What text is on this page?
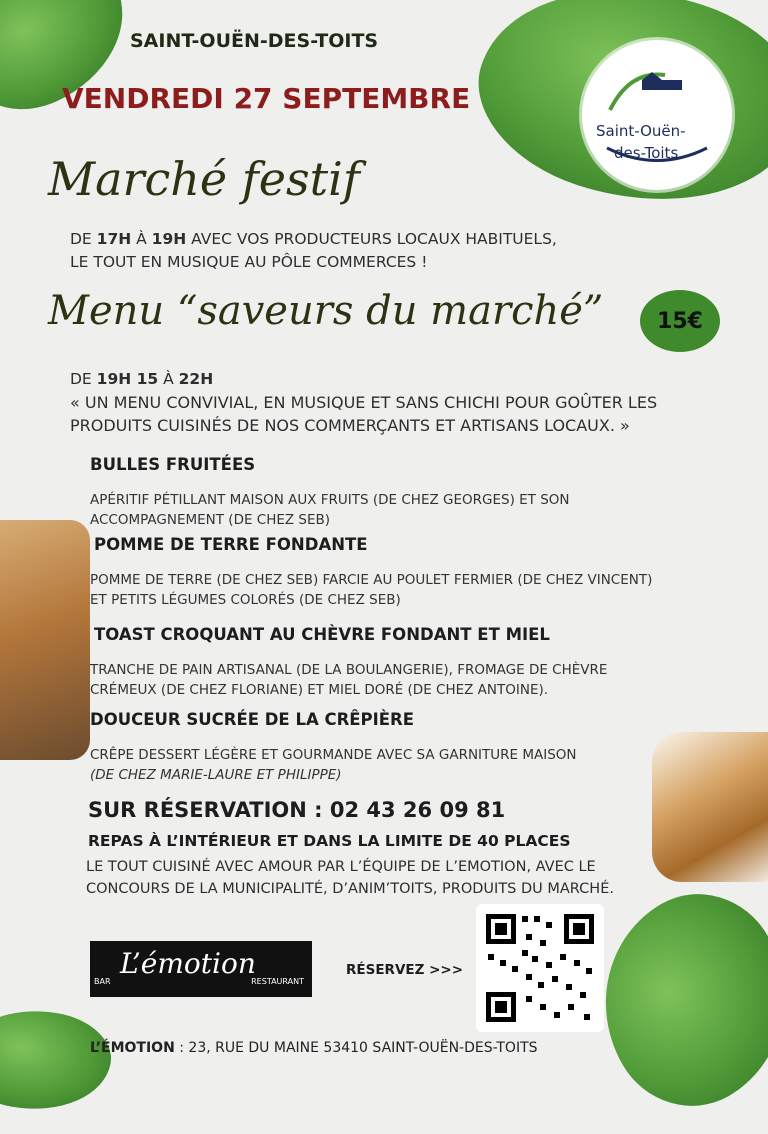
SAINT-OUËN-DES-TOITS
VENDREDI 27 SEPTEMBRE
Saint-Ouën-
des-Toits
Marché festif
DE 17H À 19H AVEC VOS PRODUCTEURS LOCAUX HABITUELS,
LE TOUT EN MUSIQUE AU PÔLE COMMERCES !
Menu “saveurs du marché”	15€
DE 19H 15 À 22H
« UN MENU CONVIVIAL, EN MUSIQUE ET SANS CHICHI POUR GOÛTER LES
PRODUITS CUISINÉS DE NOS COMMERÇANTS ET ARTISANS LOCAUX. »
BULLES FRUITÉES
APÉRITIF PÉTILLANT MAISON AUX FRUITS (DE CHEZ GEORGES) ET SON
ACCOMPAGNEMENT (DE CHEZ SEB)
POMME DE TERRE FONDANTE
POMME DE TERRE (DE CHEZ SEB) FARCIE AU POULET FERMIER (DE CHEZ VINCENT)
ET PETITS LÉGUMES COLORÉS (DE CHEZ SEB)
TOAST CROQUANT AU CHÈVRE FONDANT ET MIEL
TRANCHE DE PAIN ARTISANAL (DE LA BOULANGERIE), FROMAGE DE CHÈVRE
CRÉMEUX (DE CHEZ FLORIANE) ET MIEL DORÉ (DE CHEZ ANTOINE).
DOUCEUR SUCRÉE DE LA CRÊPIÈRE
CRÊPE DESSERT LÉGÈRE ET GOURMANDE AVEC SA GARNITURE MAISON
(DE CHEZ MARIE-LAURE ET PHILIPPE)
SUR RÉSERVATION : 02 43 26 09 81
REPAS À L’INTÉRIEUR ET DANS LA LIMITE DE 40 PLACES
LE TOUT CUISINÉ AVEC AMOUR PAR L’ÉQUIPE DE L’EMOTION, AVEC LE
CONCOURS DE LA MUNICIPALITÉ, D’ANIM’TOITS, PRODUITS DU MARCHÉ.
L’émotion
BAR	RESTAURANT
RÉSERVEZ >>>
L’ÉMOTION : 23, RUE DU MAINE 53410 SAINT-OUËN-DES-TOITS
